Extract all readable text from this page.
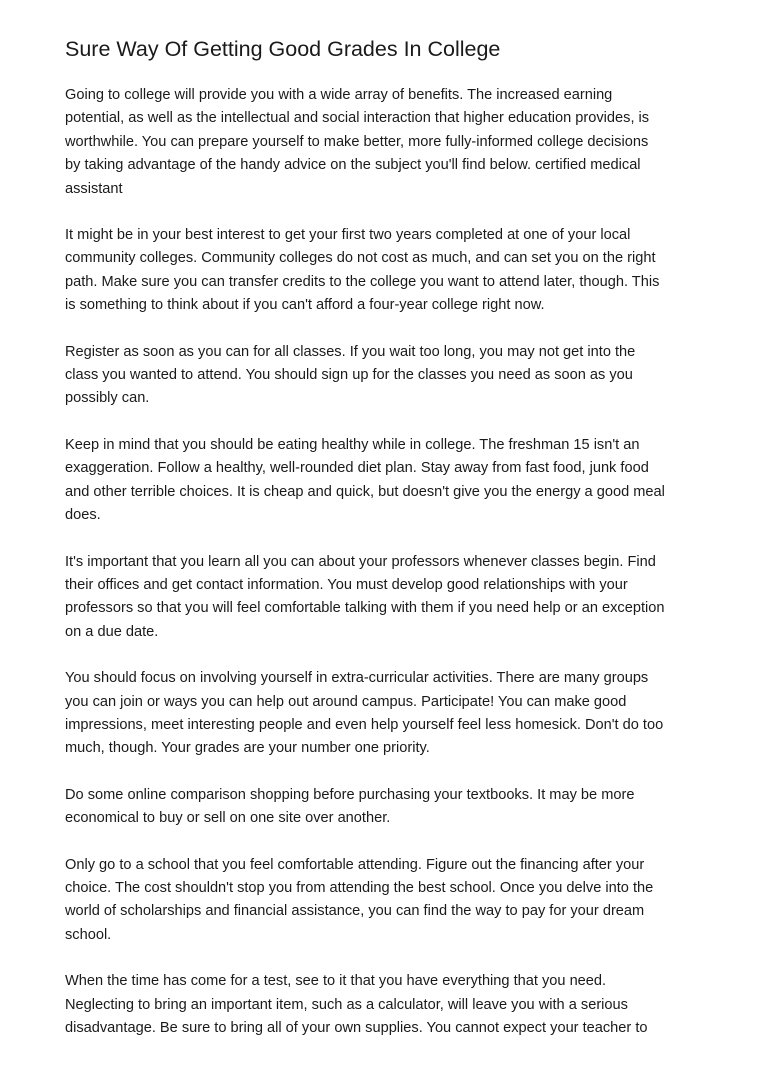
Sure Way Of Getting Good Grades In College

Going to college will provide you with a wide array of benefits. The increased earning
potential, as well as the intellectual and social interaction that higher education provides, is
worthwhile. You can prepare yourself to make better, more fully-informed college decisions
by taking advantage of the handy advice on the subject you'll find below. certified medical
assistant

It might be in your best interest to get your first two years completed at one of your local
community colleges. Community colleges do not cost as much, and can set you on the right
path. Make sure you can transfer credits to the college you want to attend later, though. This
is something to think about if you can't afford a four-year college right now.

Register as soon as you can for all classes. If you wait too long, you may not get into the
class you wanted to attend. You should sign up for the classes you need as soon as you
possibly can.

Keep in mind that you should be eating healthy while in college. The freshman 15 isn't an
exaggeration. Follow a healthy, well-rounded diet plan. Stay away from fast food, junk food
and other terrible choices. It is cheap and quick, but doesn't give you the energy a good meal
does.

It's important that you learn all you can about your professors whenever classes begin. Find
their offices and get contact information. You must develop good relationships with your
professors so that you will feel comfortable talking with them if you need help or an exception
on a due date.

You should focus on involving yourself in extra-curricular activities. There are many groups
you can join or ways you can help out around campus. Participate! You can make good
impressions, meet interesting people and even help yourself feel less homesick. Don't do too
much, though. Your grades are your number one priority.

Do some online comparison shopping before purchasing your textbooks. It may be more
economical to buy or sell on one site over another.

Only go to a school that you feel comfortable attending. Figure out the financing after your
choice. The cost shouldn't stop you from attending the best school. Once you delve into the
world of scholarships and financial assistance, you can find the way to pay for your dream
school.

When the time has come for a test, see to it that you have everything that you need.
Neglecting to bring an important item, such as a calculator, will leave you with a serious
disadvantage. Be sure to bring all of your own supplies. You cannot expect your teacher to
